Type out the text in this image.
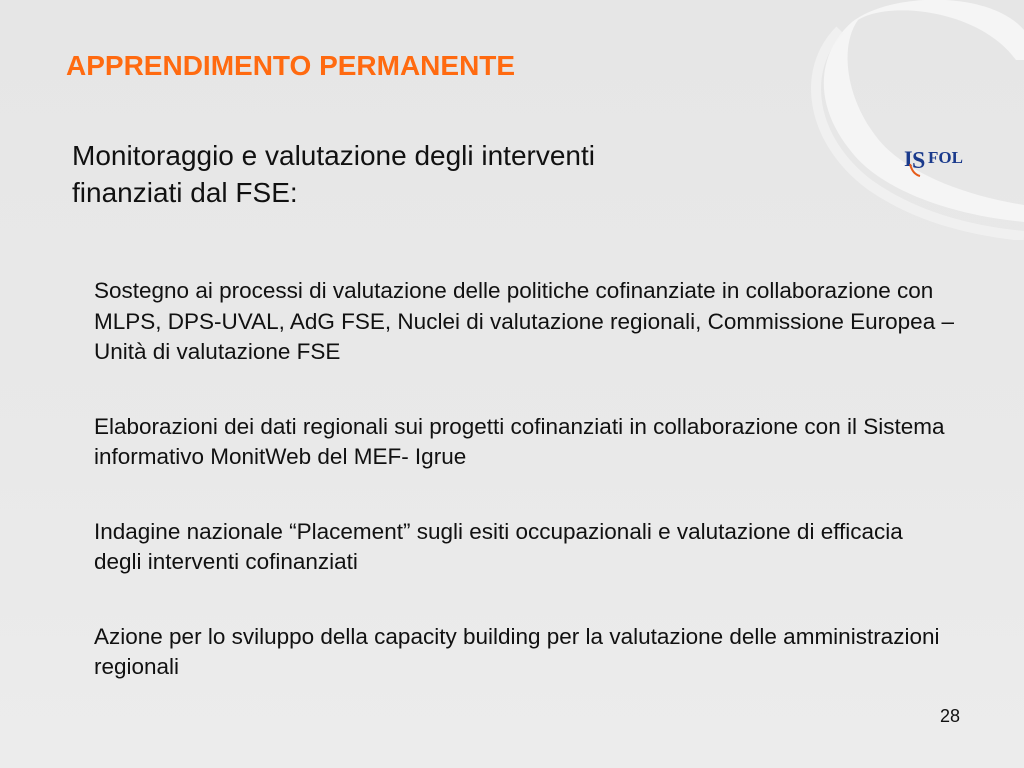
I S FOL
APPRENDIMENTO PERMANENTE
Monitoraggio e valutazione degli interventi
finanziati dal FSE:
Sostegno ai processi di valutazione delle politiche cofinanziate in collaborazione con MLPS, DPS-UVAL, AdG FSE, Nuclei di valutazione regionali, Commissione Europea – Unità di valutazione FSE
Elaborazioni dei dati regionali sui progetti cofinanziati in collaborazione con il Sistema informativo MonitWeb del MEF- Igrue
Indagine nazionale “Placement” sugli esiti occupazionali e valutazione di efficacia degli interventi cofinanziati
Azione per lo sviluppo della capacity building per la valutazione delle amministrazioni regionali
28
